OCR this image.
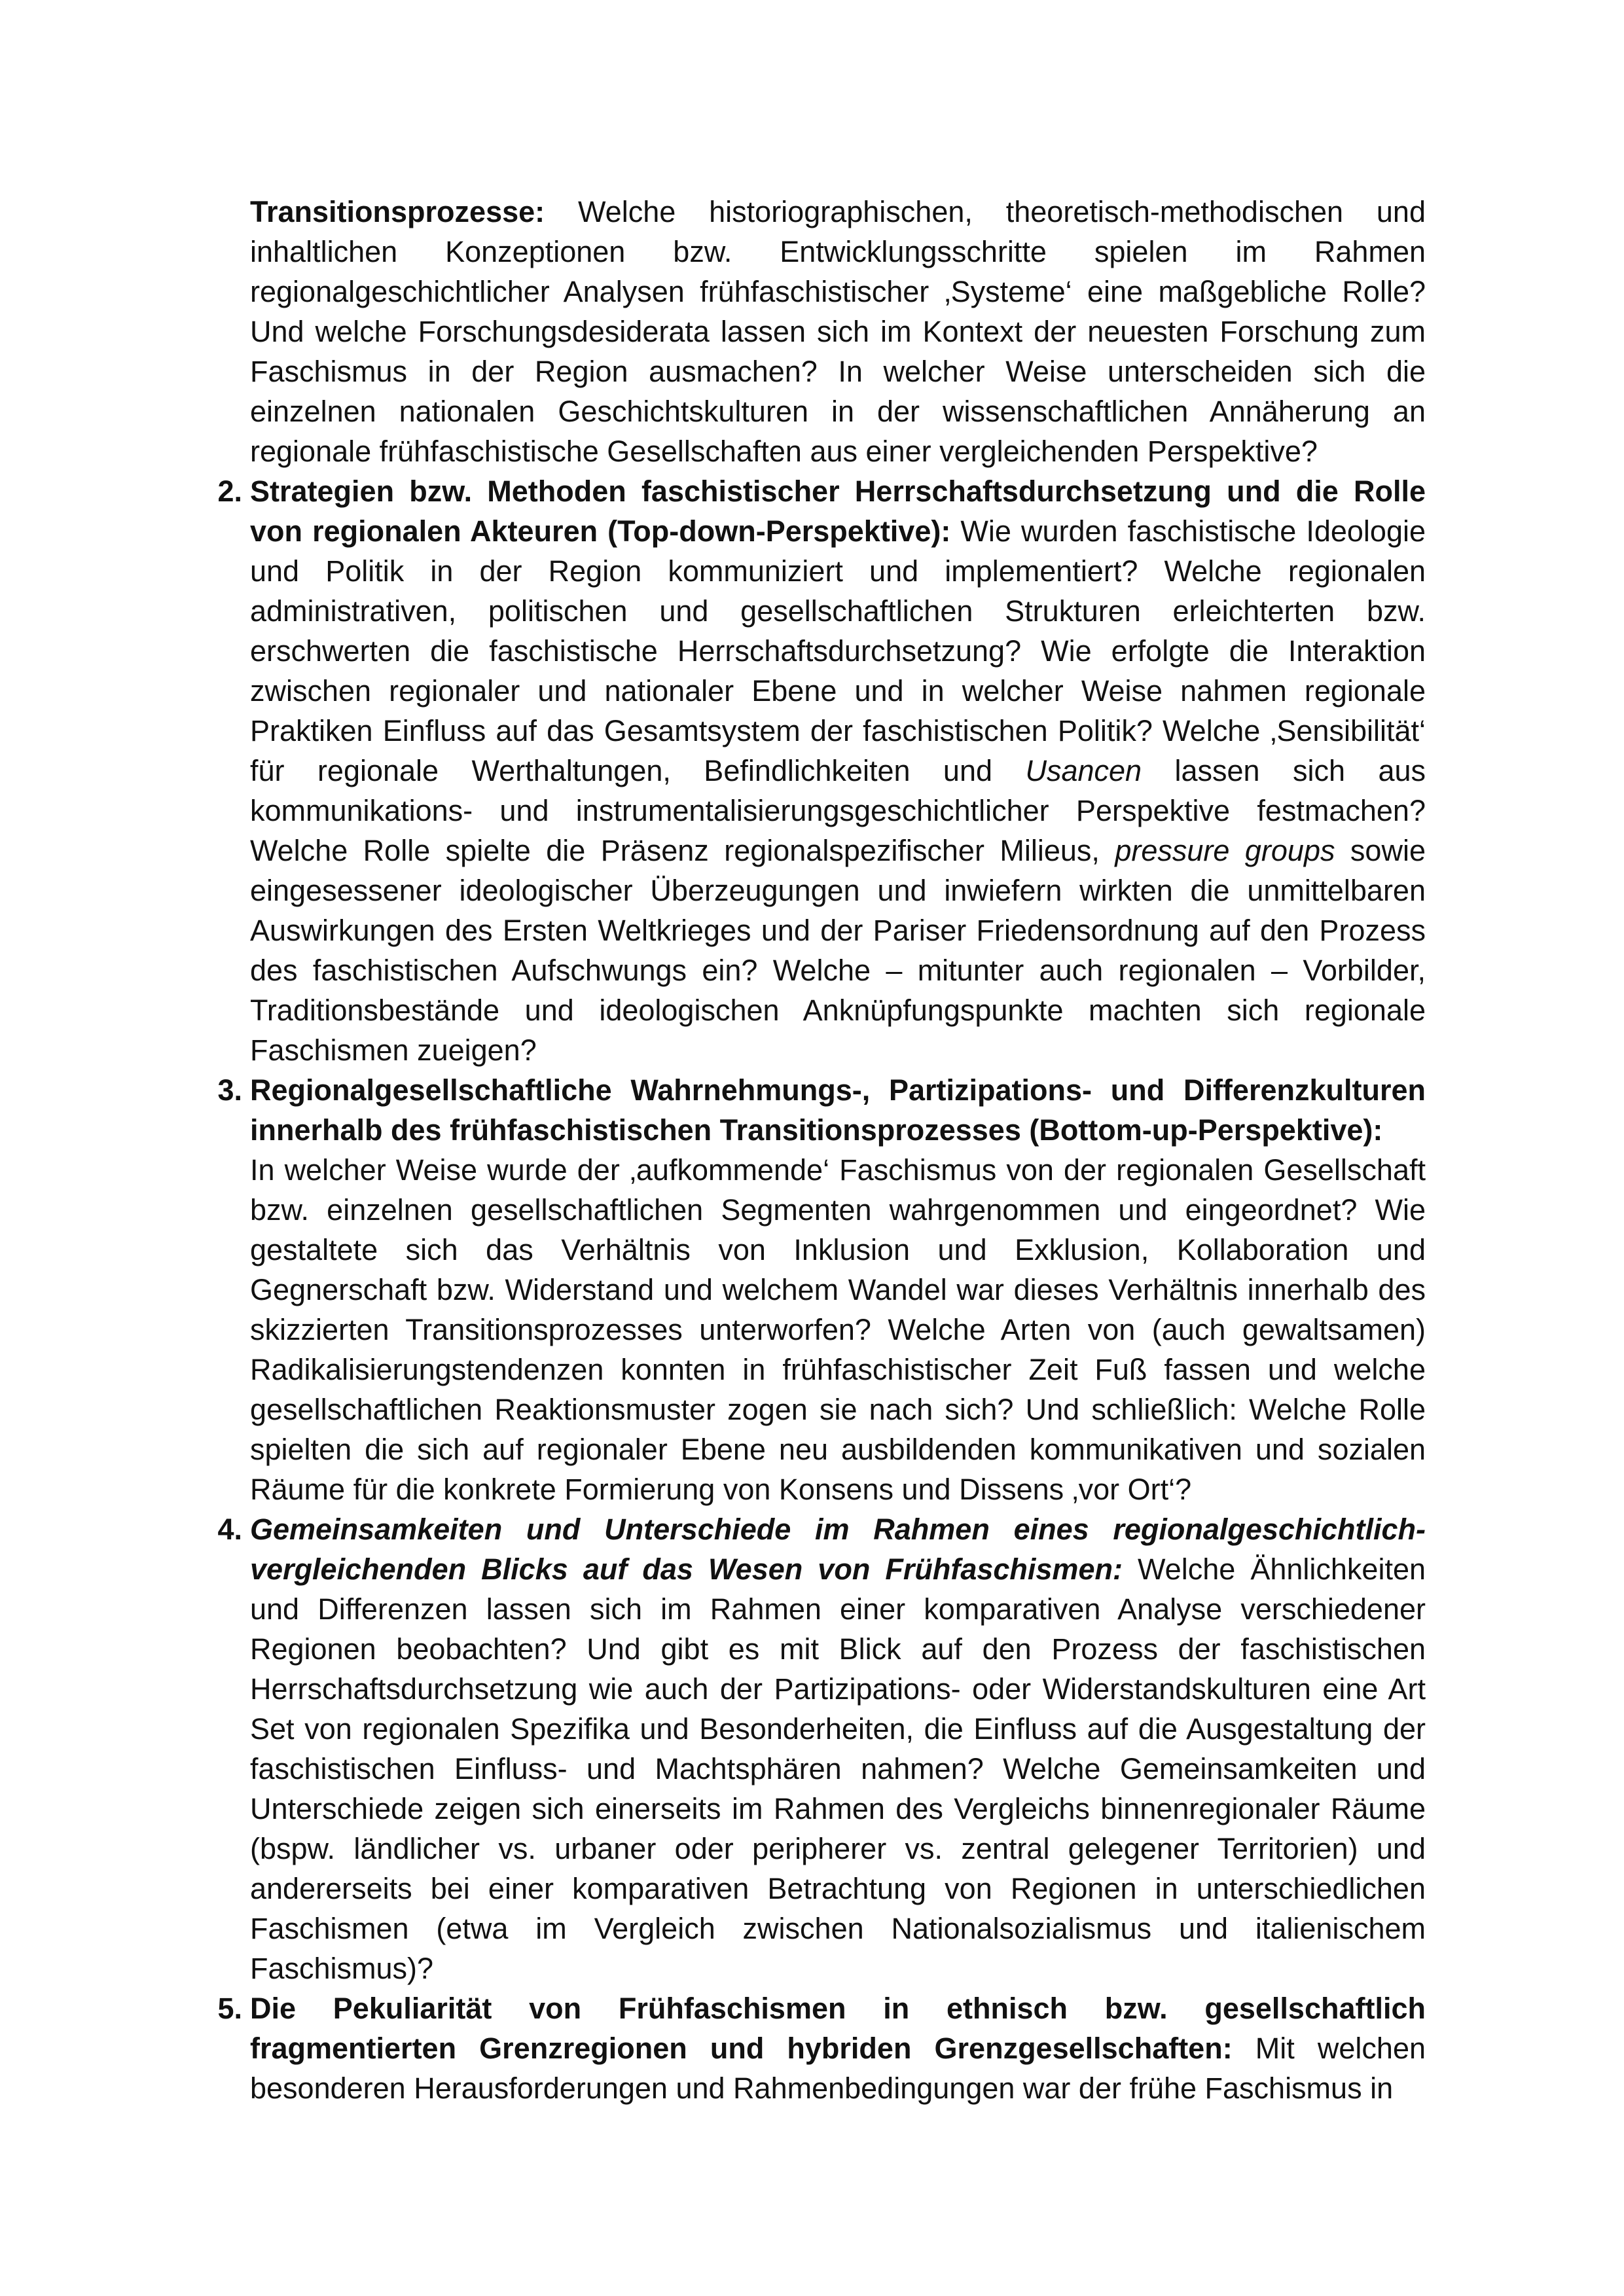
Transitionsprozesse: Welche historiographischen, theoretisch-methodischen und inhaltlichen Konzeptionen bzw. Entwicklungsschritte spielen im Rahmen regionalgeschichtlicher Analysen frühfaschistischer ‚Systeme‘ eine maßgebliche Rolle? Und welche Forschungsdesiderata lassen sich im Kontext der neuesten Forschung zum Faschismus in der Region ausmachen? In welcher Weise unterscheiden sich die einzelnen nationalen Geschichtskulturen in der wissenschaftlichen Annäherung an regionale frühfaschistische Gesellschaften aus einer vergleichenden Perspektive?

2. Strategien bzw. Methoden faschistischer Herrschaftsdurchsetzung und die Rolle von regionalen Akteuren (Top-down-Perspektive): Wie wurden faschistische Ideologie und Politik in der Region kommuniziert und implementiert? Welche regionalen administrativen, politischen und gesellschaftlichen Strukturen erleichterten bzw. erschwerten die faschistische Herrschaftsdurchsetzung? Wie erfolgte die Interaktion zwischen regionaler und nationaler Ebene und in welcher Weise nahmen regionale Praktiken Einfluss auf das Gesamtsystem der faschistischen Politik? Welche ‚Sensibilität‘ für regionale Werthaltungen, Befindlichkeiten und Usancen lassen sich aus kommunikations- und instrumentalisierungsgeschichtlicher Perspektive festmachen? Welche Rolle spielte die Präsenz regionalspezifischer Milieus, pressure groups sowie eingesessener ideologischer Überzeugungen und inwiefern wirkten die unmittelbaren Auswirkungen des Ersten Weltkrieges und der Pariser Friedensordnung auf den Prozess des faschistischen Aufschwungs ein? Welche – mitunter auch regionalen – Vorbilder, Traditionsbestände und ideologischen Anknüpfungspunkte machten sich regionale Faschismen zueigen?

3. Regionalgesellschaftliche Wahrnehmungs-, Partizipations- und Differenzkulturen innerhalb des frühfaschistischen Transitionsprozesses (Bottom-up-Perspektive):
In welcher Weise wurde der ‚aufkommende‘ Faschismus von der regionalen Gesellschaft bzw. einzelnen gesellschaftlichen Segmenten wahrgenommen und eingeordnet? Wie gestaltete sich das Verhältnis von Inklusion und Exklusion, Kollaboration und Gegnerschaft bzw. Widerstand und welchem Wandel war dieses Verhältnis innerhalb des skizzierten Transitionsprozesses unterworfen? Welche Arten von (auch gewaltsamen) Radikalisierungstendenzen konnten in frühfaschistischer Zeit Fuß fassen und welche gesellschaftlichen Reaktionsmuster zogen sie nach sich? Und schließlich: Welche Rolle spielten die sich auf regionaler Ebene neu ausbildenden kommunikativen und sozialen Räume für die konkrete Formierung von Konsens und Dissens ‚vor Ort‘?

4. Gemeinsamkeiten und Unterschiede im Rahmen eines regionalgeschichtlich-vergleichenden Blicks auf das Wesen von Frühfaschismen: Welche Ähnlichkeiten und Differenzen lassen sich im Rahmen einer komparativen Analyse verschiedener Regionen beobachten? Und gibt es mit Blick auf den Prozess der faschistischen Herrschaftsdurchsetzung wie auch der Partizipations- oder Widerstandskulturen eine Art Set von regionalen Spezifika und Besonderheiten, die Einfluss auf die Ausgestaltung der faschistischen Einfluss- und Machtsphären nahmen? Welche Gemeinsamkeiten und Unterschiede zeigen sich einerseits im Rahmen des Vergleichs binnenregionaler Räume (bspw. ländlicher vs. urbaner oder peripherer vs. zentral gelegener Territorien) und andererseits bei einer komparativen Betrachtung von Regionen in unterschiedlichen Faschismen (etwa im Vergleich zwischen Nationalsozialismus und italienischem Faschismus)?

5. Die Pekuliarität von Frühfaschismen in ethnisch bzw. gesellschaftlich fragmentierten Grenzregionen und hybriden Grenzgesellschaften: Mit welchen besonderen Herausforderungen und Rahmenbedingungen war der frühe Faschismus in
